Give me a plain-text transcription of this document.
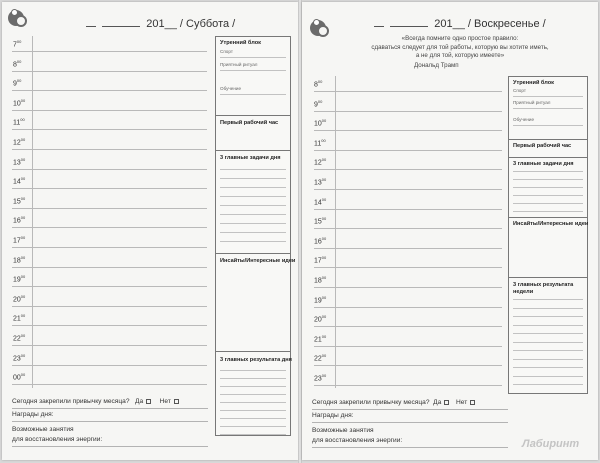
201__ / Суббота /
$7^{00}$
$8^{00}$
$9^{00}$
$10^{00}$
$11^{00}$
$12^{00}$
$13^{00}$
$14^{00}$
$15^{00}$
$16^{00}$
$17^{00}$
$18^{00}$
$19^{00}$
$20^{00}$
$21^{00}$
$22^{00}$
$23^{00}$
$00^{00}$
Утренний блок
Спорт
Приятный ритуал
Обучение
Первый рабочий час
3 главные задачи дня
Инсайты/Интересные идеи
3 главных результата дня
Сегодня закрепили привычку месяца? Да	Нет
Награды дня:
Возможные занятия
для восстановления энергии:
201__ / Воскресенье /
«Всегда помните одно простое правило:
сдаваться следует для той работы, которую вы хотите иметь,
а не для той, которую имеете»
Дональд Трамп
$8^{00}$
$9^{00}$
$10^{00}$
$11^{00}$
$12^{00}$
$13^{00}$
$14^{00}$
$15^{00}$
$16^{00}$
$17^{00}$
$18^{00}$
$19^{00}$
$20^{00}$
$21^{00}$
$22^{00}$
$23^{00}$
Утренний блок
Спорт
Приятный ритуал
Обучение
Первый рабочий час
3 главные задачи дня
Инсайты/Интересные идеи
3 главных результата
недели
Сегодня закрепили привычку месяца? Да Нет
Награды дня:
Возможные занятия
для восстановления энергии:	Лабиринт
